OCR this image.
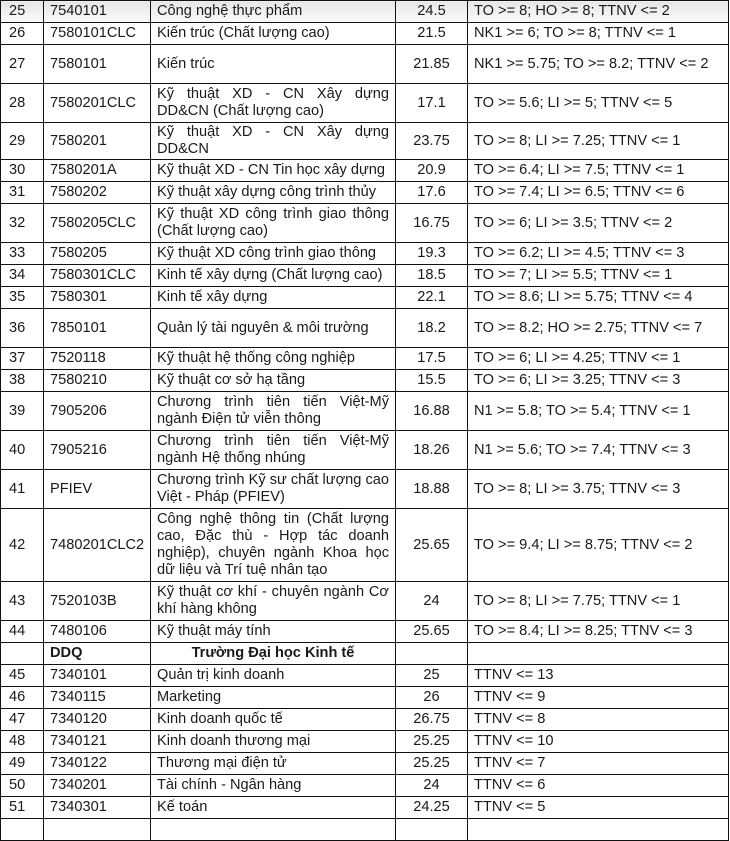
25	7540101	Công nghệ thực phẩm	24.5	TO >= 8; HO >= 8; TTNV <= 2
26	7580101CLC	Kiến trúc (Chất lượng cao)	21.5	NK1 >= 6; TO >= 8; TTNV <= 1
27	7580101	Kiến trúc	21.85	NK1 >= 5.75; TO >= 8.2; TTNV <= 2
28	7580201CLC	Kỹ thuật XD - CN Xây dựng DD&CN (Chất lượng cao)	17.1	TO >= 5.6; LI >= 5; TTNV <= 5
29	7580201	Kỹ thuật XD - CN Xây dựng DD&CN	23.75	TO >= 8; LI >= 7.25; TTNV <= 1
30	7580201A	Kỹ thuật XD - CN Tin học xây dựng	20.9	TO >= 6.4; LI >= 7.5; TTNV <= 1
31	7580202	Kỹ thuật xây dựng công trình thủy	17.6	TO >= 7.4; LI >= 6.5; TTNV <= 6
32	7580205CLC	Kỹ thuật XD công trình giao thông (Chất lượng cao)	16.75	TO >= 6; LI >= 3.5; TTNV <= 2
33	7580205	Kỹ thuật XD công trình giao thông	19.3	TO >= 6.2; LI >= 4.5; TTNV <= 3
34	7580301CLC	Kinh tế xây dựng (Chất lượng cao)	18.5	TO >= 7; LI >= 5.5; TTNV <= 1
35	7580301	Kinh tế xây dựng	22.1	TO >= 8.6; LI >= 5.75; TTNV <= 4
36	7850101	Quản lý tài nguyên & môi trường	18.2	TO >= 8.2; HO >= 2.75; TTNV <= 7
37	7520118	Kỹ thuật hệ thống công nghiệp	17.5	TO >= 6; LI >= 4.25; TTNV <= 1
38	7580210	Kỹ thuật cơ sở hạ tầng	15.5	TO >= 6; LI >= 3.25; TTNV <= 3
39	7905206	Chương trình tiên tiến Việt-Mỹ ngành Điện tử viễn thông	16.88	N1 >= 5.8; TO >= 5.4; TTNV <= 1
40	7905216	Chương trình tiên tiến Việt-Mỹ ngành Hệ thống nhúng	18.26	N1 >= 5.6; TO >= 7.4; TTNV <= 3
41	PFIEV	Chương trình Kỹ sư chất lượng cao Việt - Pháp (PFIEV)	18.88	TO >= 8; LI >= 3.75; TTNV <= 3
42	7480201CLC2	Công nghệ thông tin (Chất lượng cao, Đặc thù - Hợp tác doanh nghiệp), chuyên ngành Khoa học dữ liệu và Trí tuệ nhân tạo	25.65	TO >= 9.4; LI >= 8.75; TTNV <= 2
43	7520103B	Kỹ thuật cơ khí - chuyên ngành Cơ khí hàng không	24	TO >= 8; LI >= 7.75; TTNV <= 1
44	7480106	Kỹ thuật máy tính	25.65	TO >= 8.4; LI >= 8.25; TTNV <= 3
	DDQ	Trường Đại học Kinh tế		
45	7340101	Quản trị kinh doanh	25	TTNV <= 13
46	7340115	Marketing	26	TTNV <= 9
47	7340120	Kinh doanh quốc tế	26.75	TTNV <= 8
48	7340121	Kinh doanh thương mại	25.25	TTNV <= 10
49	7340122	Thương mại điện tử	25.25	TTNV <= 7
50	7340201	Tài chính - Ngân hàng	24	TTNV <= 6
51	7340301	Kế toán	24.25	TTNV <= 5
